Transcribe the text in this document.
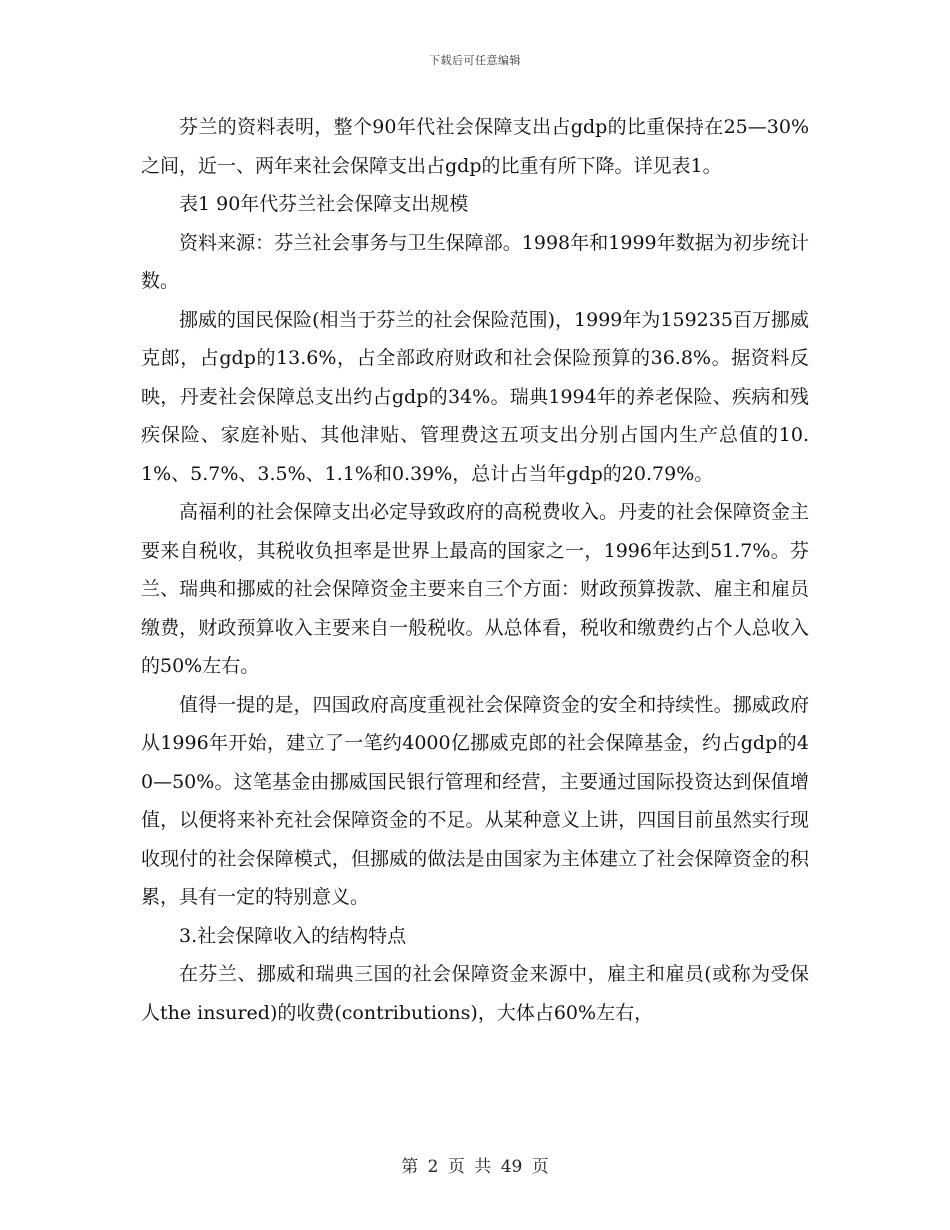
下载后可任意编辑

芬兰的资料表明，整个90年代社会保障支出占gdp的比重保持在25—30%之间，近一、两年来社会保障支出占gdp的比重有所下降。详见表1。

表1 90年代芬兰社会保障支出规模

资料来源：芬兰社会事务与卫生保障部。1998年和1999年数据为初步统计数。

挪威的国民保险(相当于芬兰的社会保险范围)，1999年为159235百万挪威克郎，占gdp的13.6%，占全部政府财政和社会保险预算的36.8%。据资料反映，丹麦社会保障总支出约占gdp的34%。瑞典1994年的养老保险、疾病和残疾保险、家庭补贴、其他津贴、管理费这五项支出分别占国内生产总值的10.1%、5.7%、3.5%、1.1%和0.39%，总计占当年gdp的20.79%。

高福利的社会保障支出必定导致政府的高税费收入。丹麦的社会保障资金主要来自税收，其税收负担率是世界上最高的国家之一，1996年达到51.7%。芬兰、瑞典和挪威的社会保障资金主要来自三个方面：财政预算拨款、雇主和雇员缴费，财政预算收入主要来自一般税收。从总体看，税收和缴费约占个人总收入的50%左右。

值得一提的是，四国政府高度重视社会保障资金的安全和持续性。挪威政府从1996年开始，建立了一笔约4000亿挪威克郎的社会保障基金，约占gdp的40—50%。这笔基金由挪威国民银行管理和经营，主要通过国际投资达到保值增值，以便将来补充社会保障资金的不足。从某种意义上讲，四国目前虽然实行现收现付的社会保障模式，但挪威的做法是由国家为主体建立了社会保障资金的积累，具有一定的特别意义。

3.社会保障收入的结构特点

在芬兰、挪威和瑞典三国的社会保障资金来源中，雇主和雇员(或称为受保人the insured)的收费(contributions)，大体占60%左右，

第 2 页 共 49 页
